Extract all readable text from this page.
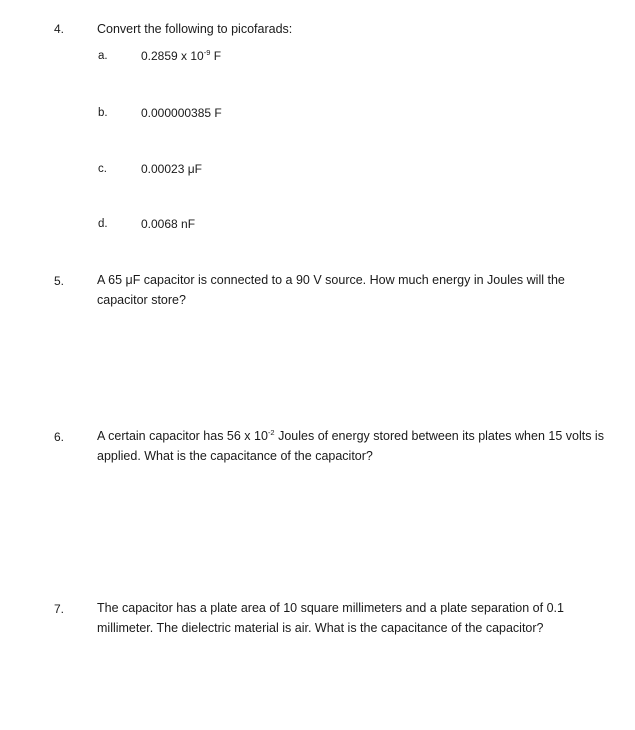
4.	Convert the following to picofarads:
a.	0.2859 x $10^{-9}$ F
b.	0.000000385 F
c.	0.00023 μF
d.	0.0068 nF
5.	A 65 μF capacitor is connected to a 90 V source. How much energy in Joules will the capacitor store?
6.	A certain capacitor has 56 x $10^{-2}$ Joules of energy stored between its plates when 15 volts is applied. What is the capacitance of the capacitor?
7.	The capacitor has a plate area of 10 square millimeters and a plate separation of 0.1 millimeter. The dielectric material is air. What is the capacitance of the capacitor?
